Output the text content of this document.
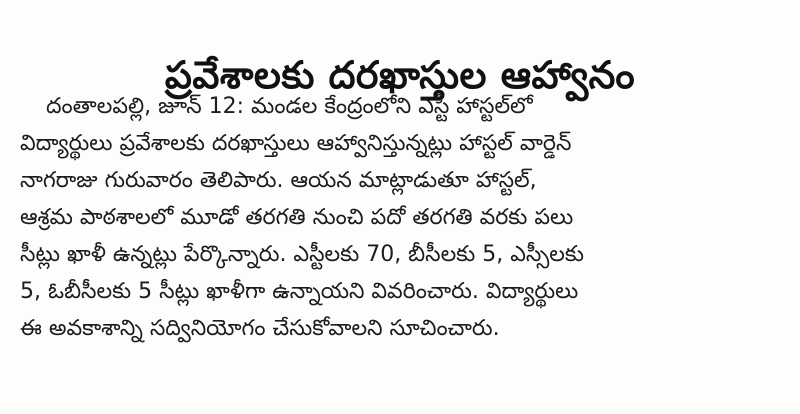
ప్రవేశాలకు దరఖాస్తుల ఆహ్వానం
దంతాలపల్లి, జూన్ 12: మండల కేంద్రంలోని ఎస్టీ హాస్టల్‌లో
విద్యార్థులు ప్రవేశాలకు దరఖాస్తులు ఆహ్వానిస్తున్నట్లు హాస్టల్ వార్డెన్
నాగరాజు గురువారం తెలిపారు. ఆయన మాట్లాడుతూ హాస్టల్,
ఆశ్రమ పాఠశాలలో మూడో తరగతి నుంచి పదో తరగతి వరకు పలు
సీట్లు ఖాళీ ఉన్నట్లు పేర్కొన్నారు. ఎస్టీలకు 70, బీసీలకు 5, ఎస్సీలకు
5, ఓబీసీలకు 5 సీట్లు ఖాళీగా ఉన్నాయని వివరించారు. విద్యార్థులు
ఈ అవకాశాన్ని సద్వినియోగం చేసుకోవాలని సూచించారు.
